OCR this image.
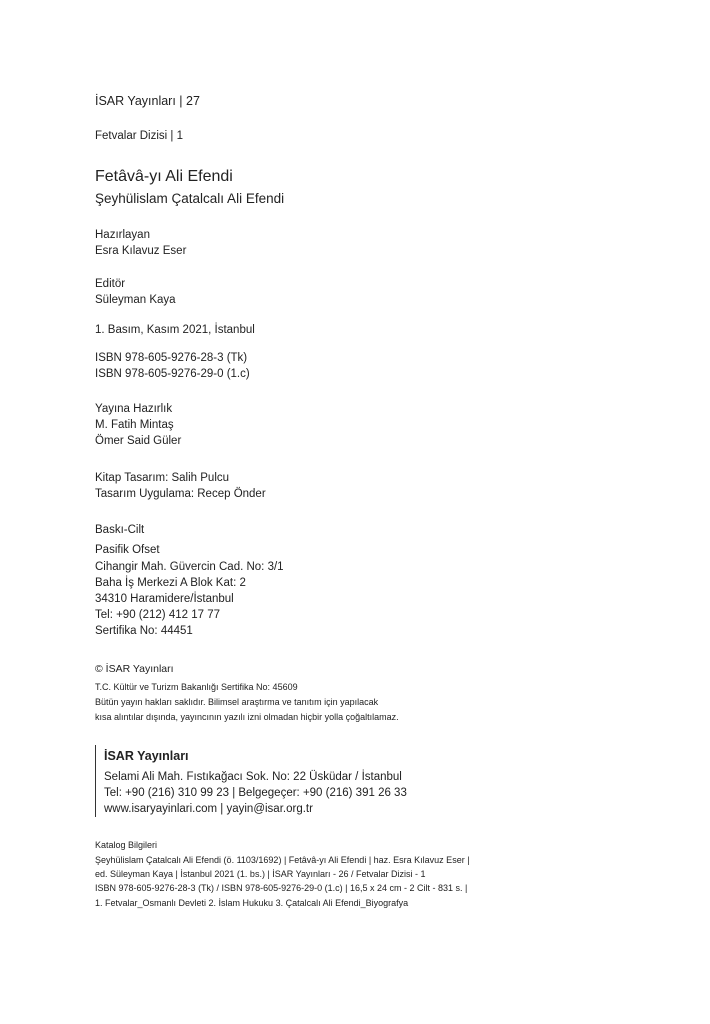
İSAR Yayınları | 27
Fetvalar Dizisi | 1
Fetâvâ-yı Ali Efendi
Şeyhülislam Çatalcalı Ali Efendi
Hazırlayan
Esra Kılavuz Eser
Editör
Süleyman Kaya
1. Basım, Kasım 2021, İstanbul
ISBN 978-605-9276-28-3 (Tk)
ISBN 978-605-9276-29-0 (1.c)
Yayına Hazırlık
M. Fatih Mintaş
Ömer Said Güler
Kitap Tasarım: Salih Pulcu
Tasarım Uygulama: Recep Önder
Baskı-Cilt
Pasifik Ofset
Cihangir Mah. Güvercin Cad. No: 3/1
Baha İş Merkezi A Blok Kat: 2
34310 Haramidere/İstanbul
Tel: +90 (212) 412 17 77
Sertifika No: 44451
© İSAR Yayınları
T.C. Kültür ve Turizm Bakanlığı Sertifika No: 45609
Bütün yayın hakları saklıdır. Bilimsel araştırma ve tanıtım için yapılacak
kısa alıntılar dışında, yayıncının yazılı izni olmadan hiçbir yolla çoğaltılamaz.
İSAR Yayınları
Selami Ali Mah. Fıstıkağacı Sok. No: 22 Üsküdar / İstanbul
Tel: +90 (216) 310 99 23 | Belgegeçer: +90 (216) 391 26 33
www.isaryayinlari.com | yayin@isar.org.tr
Katalog Bilgileri
Şeyhülislam Çatalcalı Ali Efendi (ö. 1103/1692) | Fetâvâ-yı Ali Efendi | haz. Esra Kılavuz Eser |
ed. Süleyman Kaya | İstanbul 2021 (1. bs.) | İSAR Yayınları - 26 / Fetvalar Dizisi - 1
ISBN 978-605-9276-28-3 (Tk) / ISBN 978-605-9276-29-0 (1.c) | 16,5 x 24 cm - 2 Cilt - 831 s. |
1. Fetvalar_Osmanlı Devleti 2. İslam Hukuku 3. Çatalcalı Ali Efendi_Biyografya
